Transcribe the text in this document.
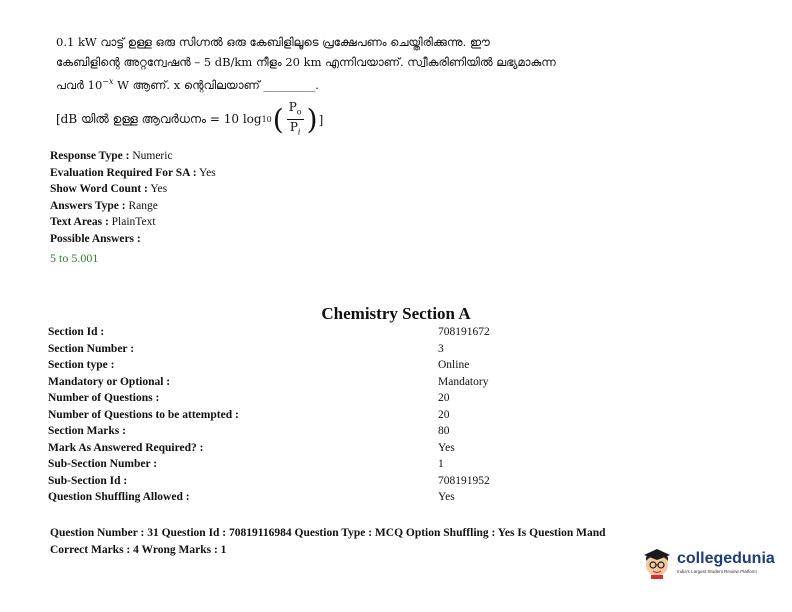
0.1 kW വാട്ട് ഉള്ള ഒരു സിഗ്നൽ ഒരു കേബിളിലൂടെ പ്രക്ഷേപണം ചെയ്തിരിക്കുന്നു. ഈ
കേബിളിന്റെ അറ്റന്വേഷൻ – 5 dB/km നീളം 20 km എന്നിവയാണ്. സ്വീകരിണിയിൽ ലഭ്യമാകുന്ന
പവർ $10^{-x}$ W ആണ്. x ന്റെവിലയാണ് _________.
[dB യിൽ ഉള്ള ആവർധനം = 10 log 10 ( $\frac{P_o}{P_i}$ ) ]
Response Type : Numeric
Evaluation Required For SA : Yes
Show Word Count : Yes
Answers Type : Range
Text Areas : PlainText
Possible Answers :
5 to 5.001
Chemistry Section A
Section Id :	708191672
Section Number :	3
Section type :	Online
Mandatory or Optional :	Mandatory
Number of Questions :	20
Number of Questions to be attempted :	20
Section Marks :	80
Mark As Answered Required? :	Yes
Sub-Section Number :	1
Sub-Section Id :	708191952
Question Shuffling Allowed :	Yes
Question Number : 31 Question Id : 70819116984 Question Type : MCQ Option Shuffling : Yes Is Question Mand
Correct Marks : 4 Wrong Marks : 1	collegedunia
India's Largest Student Review Platform
